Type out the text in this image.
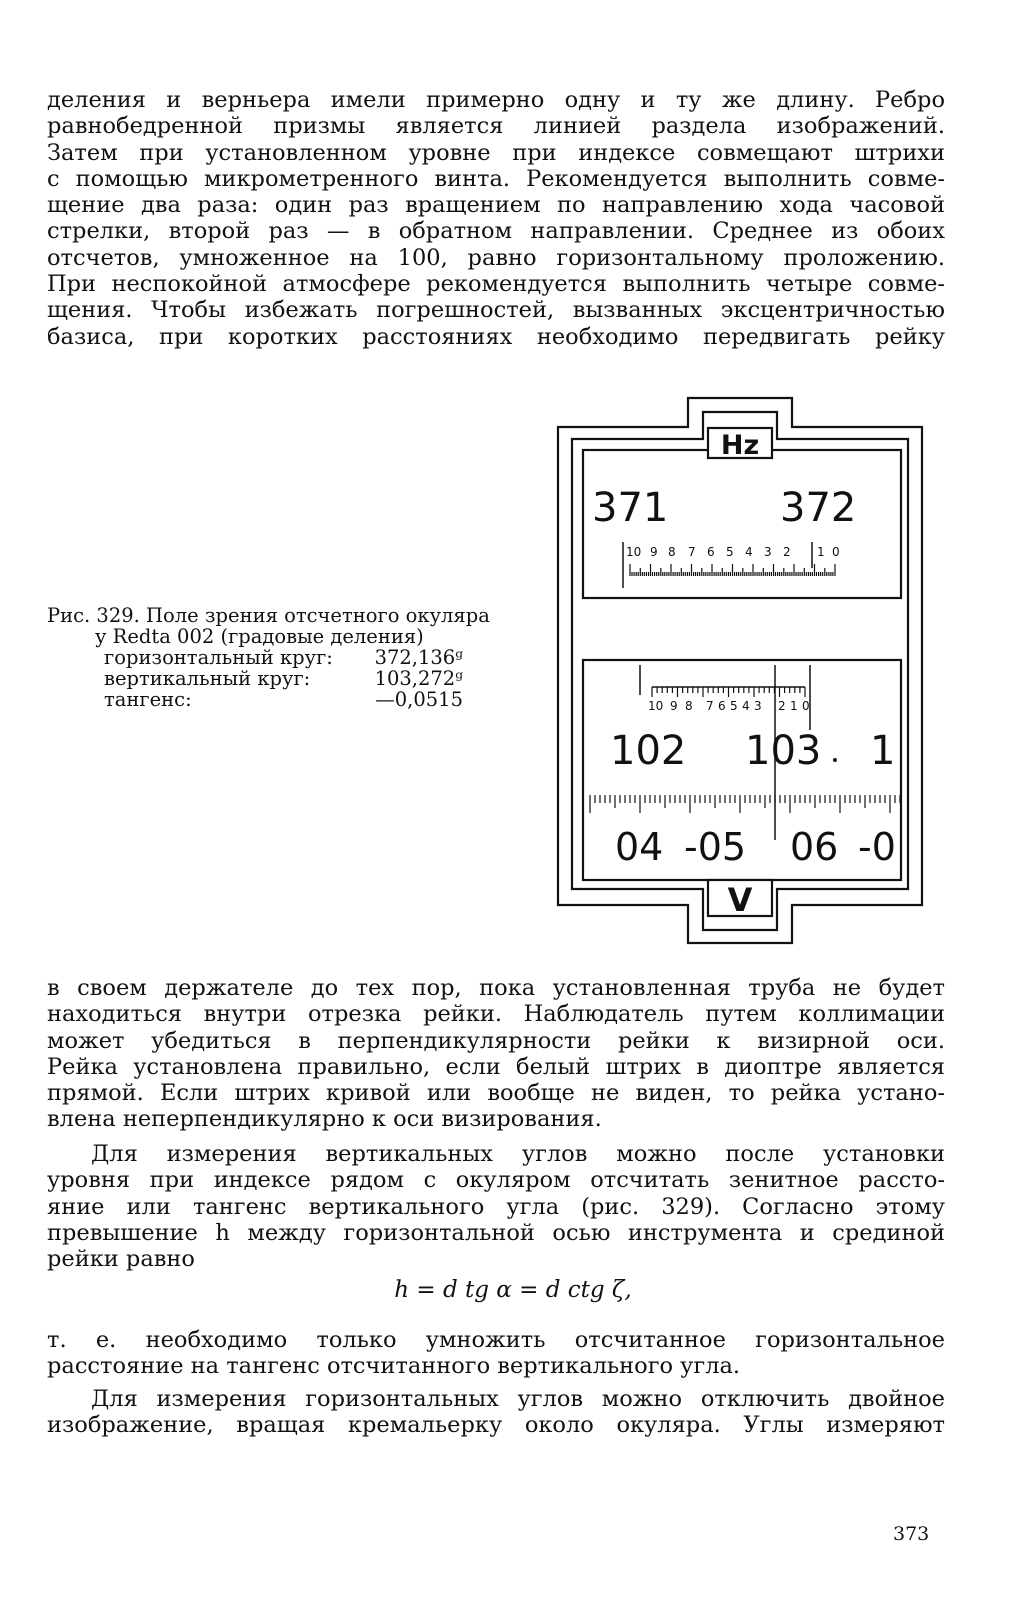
деления и верньера имели примерно одну и ту же длину. Ребро
равнобедренной призмы является линией раздела изображений.
Затем при установленном уровне при индексе совмещают штрихи
с помощью микрометренного винта. Рекомендуется выполнить совме-
щение два раза: один раз вращением по направлению хода часовой
стрелки, второй раз — в обратном направлении. Среднее из обоих
отсчетов, умноженное на 100, равно горизонтальному проложению.
При неспокойной атмосфере рекомендуется выполнить четыре совме-
щения. Чтобы избежать погрешностей, вызванных эксцентричностью
базиса, при коротких расстояниях необходимо передвигать рейку
Рис. 329. Поле зрения отсчетного окуляра
у Redta 002 (градовые деления)
горизонтальный круг: 372,136ᵍ
вертикальный круг:	103,272ᵍ
тангенс:	—0,0515
Hz
V
371	372
10 9 8 7 6 5 4 3 2 1 0
10 9 8 7 6 5 4 3 2 1 0
102 103 1
04 -05 06 -0
в своем держателе до тех пор, пока установленная труба не будет
находиться внутри отрезка рейки. Наблюдатель путем коллимации
может убедиться в перпендикулярности рейки к визирной оси.
Рейка установлена правильно, если белый штрих в диоптре является
прямой. Если штрих кривой или вообще не виден, то рейка устано-
влена неперпендикулярно к оси визирования.
Для измерения вертикальных углов можно после установки
уровня при индексе рядом с окуляром отсчитать зенитное рассто-
яние или тангенс вертикального угла (рис. 329). Согласно этому
превышение h между горизонтальной осью инструмента и срединой
рейки равно
h = d tg α = d ctg ζ,
т. е. необходимо только умножить отсчитанное горизонтальное
расстояние на тангенс отсчитанного вертикального угла.
Для измерения горизонтальных углов можно отключить двойное
изображение, вращая кремальерку около окуляра. Углы измеряют
373
